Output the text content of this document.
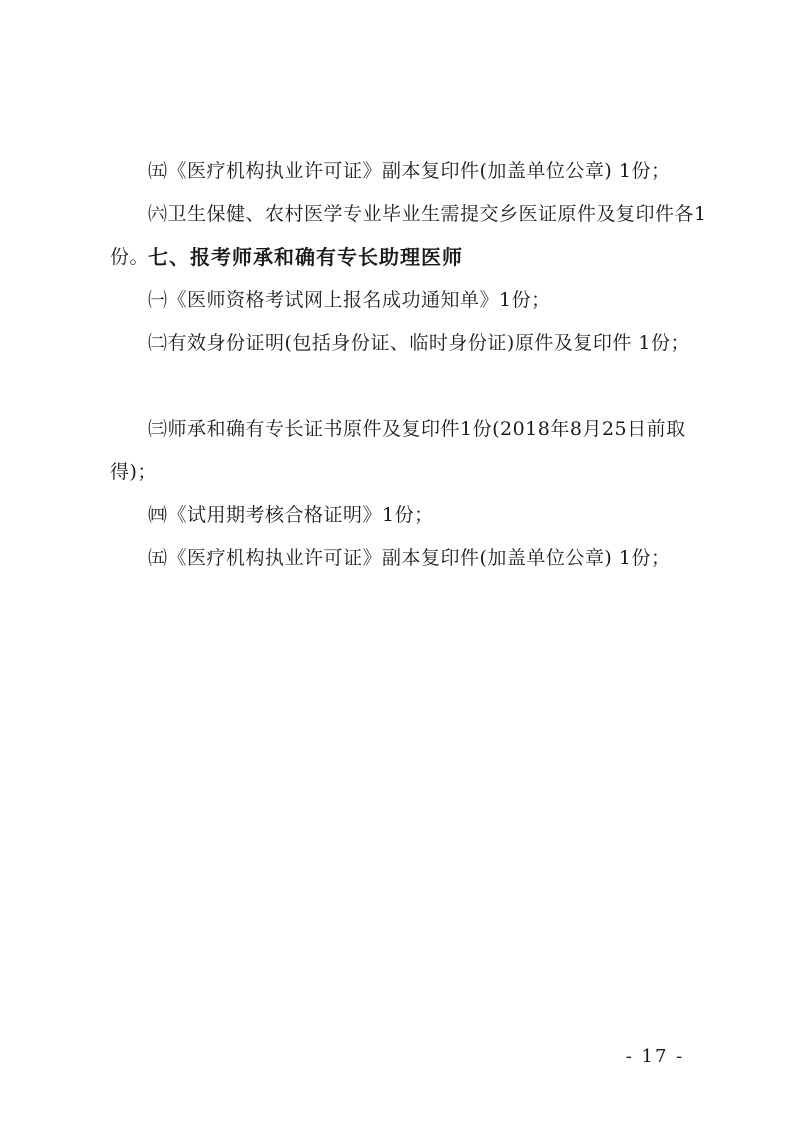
㈤《医疗机构执业许可证》副本复印件(加盖单位公章) 1份；
㈥卫生保健、农村医学专业毕业生需提交乡医证原件及复印件各1份。
七、报考师承和确有专长助理医师
㈠《医师资格考试网上报名成功通知单》1份；
㈡有效身份证明(包括身份证、临时身份证)原件及复印件 1份；
㈢师承和确有专长证书原件及复印件1份(2018年8月25日前取得)；
㈣《试用期考核合格证明》1份；
㈤《医疗机构执业许可证》副本复印件(加盖单位公章) 1份；
- 17 -
